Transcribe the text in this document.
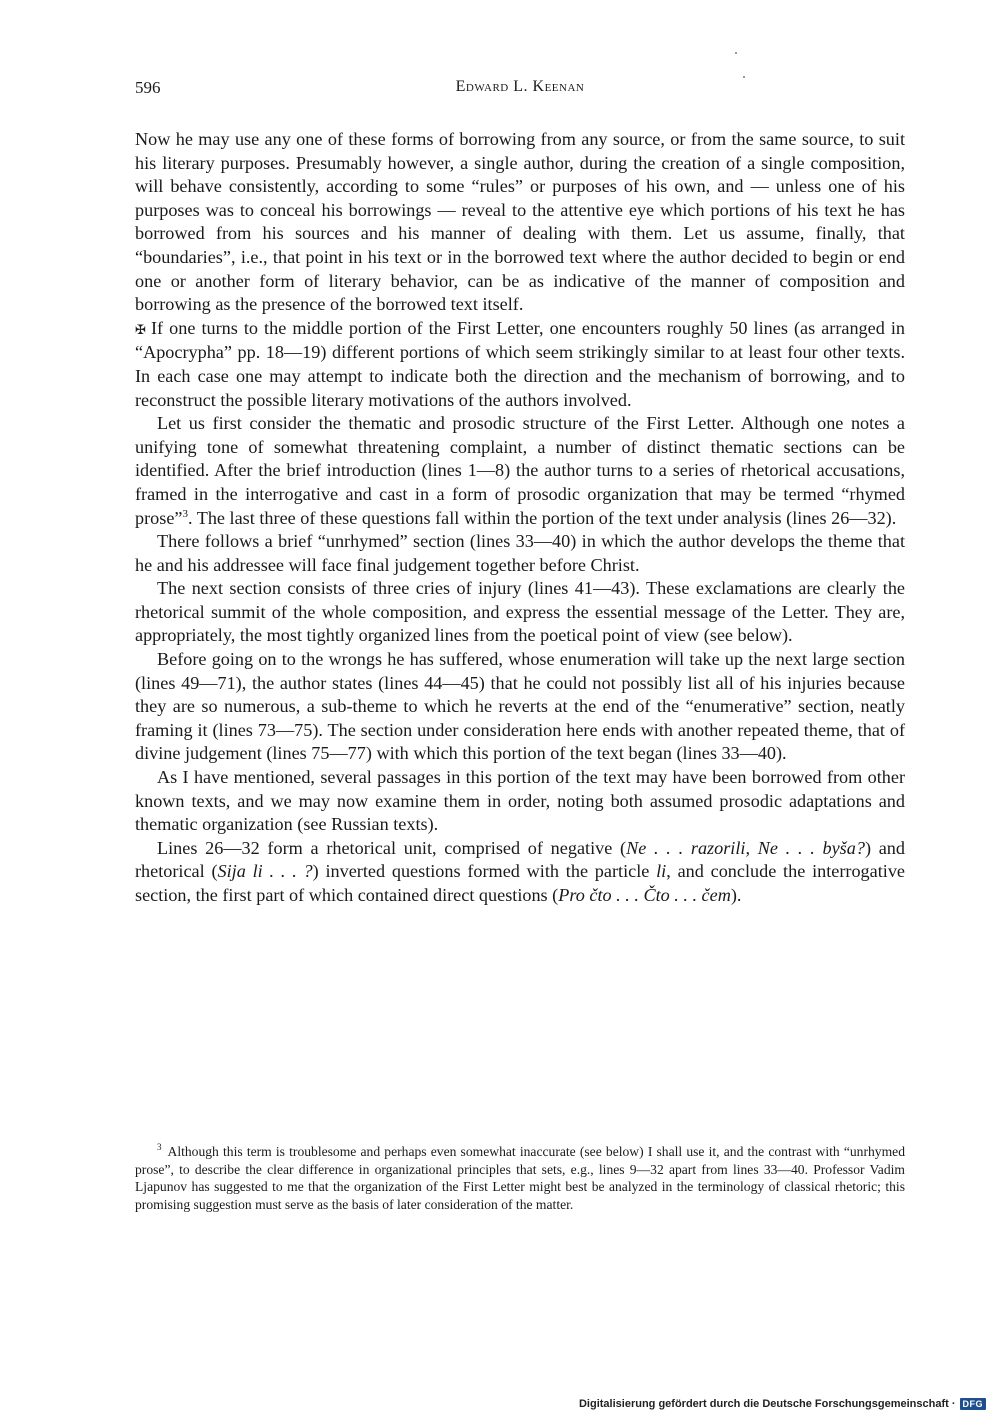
596	Edward L. Keenan

Now he may use any one of these forms of borrowing from any source, or from the same source, to suit his literary purposes. Presumably however, a single author, during the creation of a single composition, will behave consistently, according to some “rules” or purposes of his own, and — unless one of his purposes was to conceal his borrowings — reveal to the attentive eye which portions of his text he has borrowed from his sources and his manner of dealing with them. Let us assume, finally, that “boundaries”, i.e., that point in his text or in the borrowed text where the author decided to begin or end one or another form of literary behavior, can be as indicative of the manner of composition and borrowing as the presence of the borrowed text itself.

✠ If one turns to the middle portion of the First Letter, one encounters roughly 50 lines (as arranged in “Apocrypha” pp. 18—19) different portions of which seem strikingly similar to at least four other texts. In each case one may attempt to indicate both the direction and the mechanism of borrowing, and to reconstruct the possible literary motivations of the authors involved.

Let us first consider the thematic and prosodic structure of the First Letter. Although one notes a unifying tone of somewhat threatening complaint, a number of distinct thematic sections can be identified. After the brief introduction (lines 1—8) the author turns to a series of rhetorical accusations, framed in the interrogative and cast in a form of prosodic organization that may be termed “rhymed prose”$^3$. The last three of these questions fall within the portion of the text under analysis (lines 26—32).

There follows a brief “unrhymed” section (lines 33—40) in which the author develops the theme that he and his addressee will face final judgement together before Christ.

The next section consists of three cries of injury (lines 41—43). These exclamations are clearly the rhetorical summit of the whole composition, and express the essential message of the Letter. They are, appropriately, the most tightly organized lines from the poetical point of view (see below).

Before going on to the wrongs he has suffered, whose enumeration will take up the next large section (lines 49—71), the author states (lines 44—45) that he could not possibly list all of his injuries because they are so numerous, a sub-theme to which he reverts at the end of the “enumerative” section, neatly framing it (lines 73—75). The section under consideration here ends with another repeated theme, that of divine judgement (lines 75—77) with which this portion of the text began (lines 33—40).

As I have mentioned, several passages in this portion of the text may have been borrowed from other known texts, and we may now examine them in order, noting both assumed prosodic adaptations and thematic organization (see Russian texts).

Lines 26—32 form a rhetorical unit, comprised of negative (Ne . . . razorili, Ne . . . byša?) and rhetorical (Sija li . . . ?) inverted questions formed with the particle li, and conclude the interrogative section, the first part of which contained direct questions (Pro čto . . . Čto . . . čem).

$^3$ Although this term is troublesome and perhaps even somewhat inaccurate (see below) I shall use it, and the contrast with “unrhymed prose”, to describe the clear difference in organizational principles that sets, e.g., lines 9—32 apart from lines 33—40. Professor Vadim Ljapunov has suggested to me that the organization of the First Letter might best be analyzed in the terminology of classical rhetoric; this promising suggestion must serve as the basis of later consideration of the matter.
Digitalisierung gefördert durch die Deutsche Forschungsgemeinschaft · DFG
